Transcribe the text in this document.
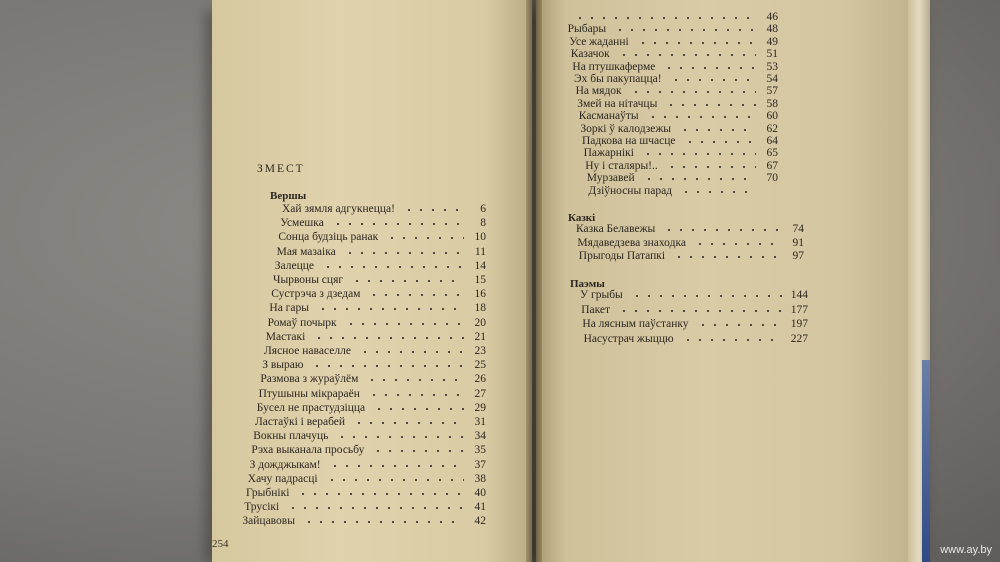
ЗМЕСТ
Вершы
Хай зямля адгукнецца!	6
Усмешка	8
Сонца будзіць ранак	10
Мая мазаіка	11
Залецце	14
Чырвоны сцяг	15
Сустрэча з дзедам	16
На гары	18
Ромаў почырк	20
Мастакі	21
Лясное навaселле	23
З выраю	25
Размова з жураўлём	26
Птушыны мікрараён	27
Бусел не прастудзіцца	29
Ластаўкі і верабей	31
Вокны плачуць	34
Рэха выканала просьбу	35
З дожджыкам!	37
Хачу падрасці	38
Грыбнікі	40
Трусікі	41
Зайцавовы	42
254
46
Рыбары	48
Усе жаданні	49
Казачок	51
На птушкаферме	53
Эх бы пакупацца!	54
На мядок	57
Змей на нітачцы	58
Касманаўты	60
Зоркі ў калодзежы	62
Падкова на шчасце	64
Пажарнікі	65
Ну і сталяры!..	67
Мурзавей	70
Дзіўносны парад
Казкі
Казка Белавежы	74
Мядаведзева знаходка	91
Прыгоды Патапкі	97
Паэмы
У грыбы	144
Пакет	177
На лясным паўстанку	197
Насустрач жыццю	227
www.ay.by
